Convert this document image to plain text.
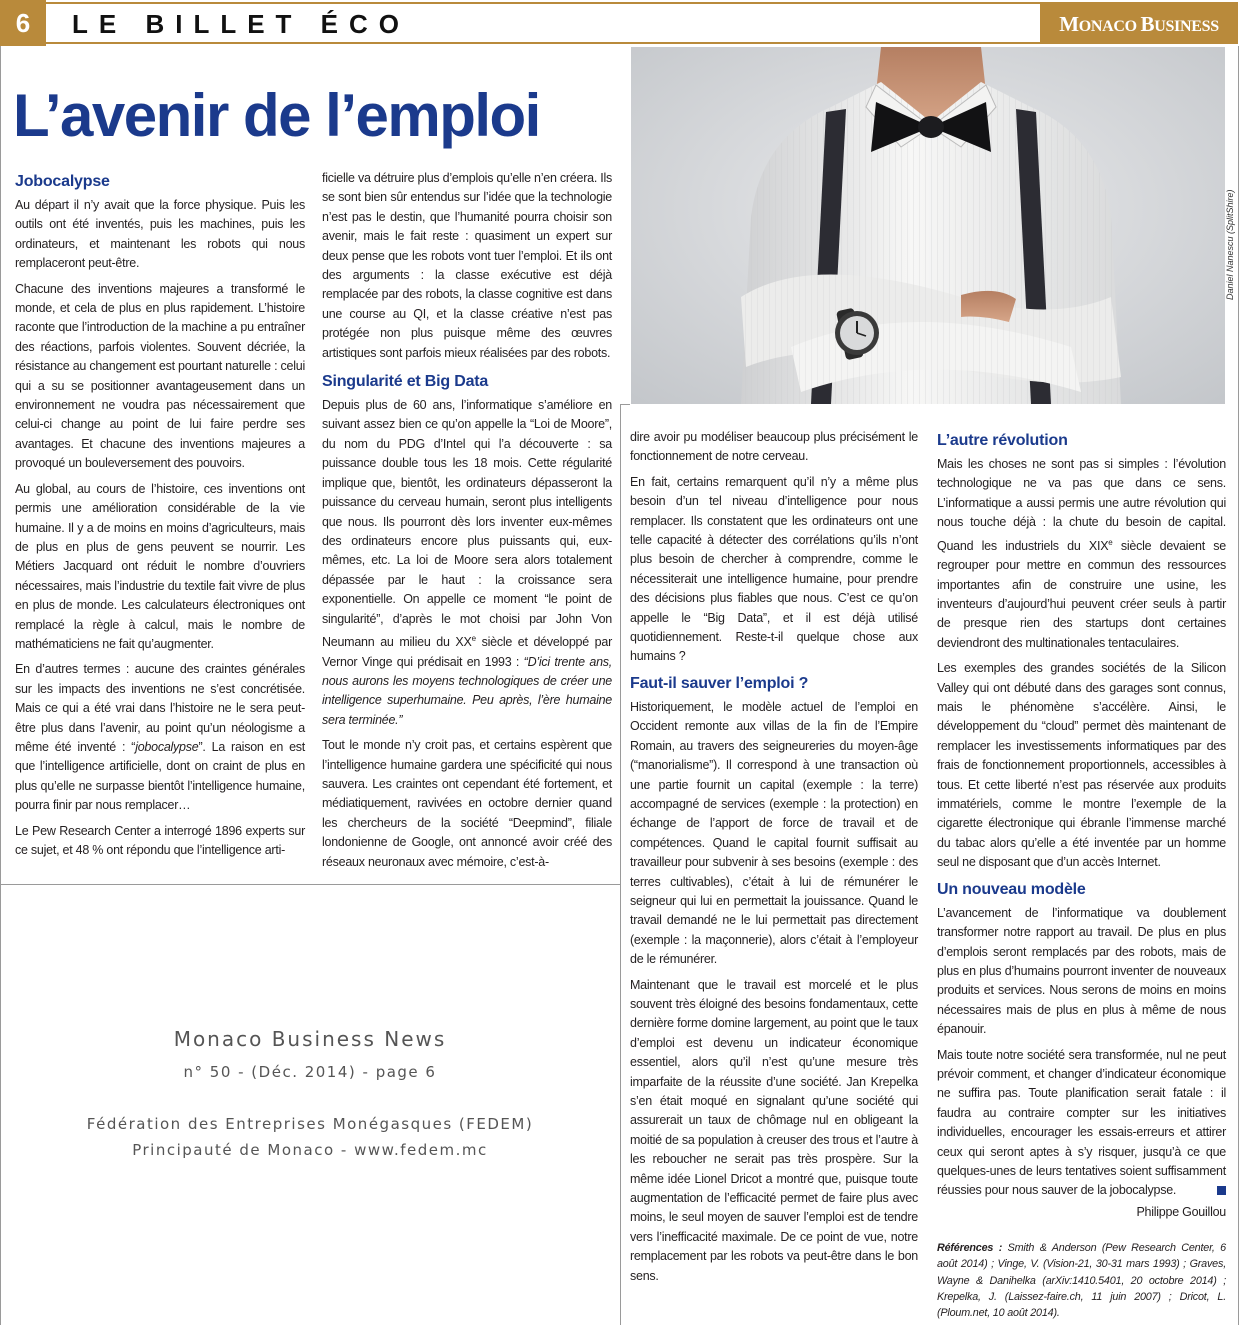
6	LE BILLET ÉCO	MONACO BUSINESS
L’avenir de l’emploi
Daniel Nanescu (SplitShire)
Jobocalypse

Au départ il n’y avait que la force physique. Puis les outils ont été inventés, puis les machines, puis les ordinateurs, et maintenant les robots qui nous remplaceront peut-être.

Chacune des inventions majeures a transformé le monde, et cela de plus en plus rapidement. L’histoire raconte que l’introduction de la machine a pu entraîner des réactions, parfois violentes. Souvent décriée, la résistance au changement est pourtant naturelle : celui qui a su se positionner avantageusement dans un environnement ne voudra pas nécessairement que celui-ci change au point de lui faire perdre ses avantages. Et chacune des inventions majeures a provoqué un bouleversement des pouvoirs.

Au global, au cours de l’histoire, ces inventions ont permis une amélioration considérable de la vie humaine. Il y a de moins en moins d’agriculteurs, mais de plus en plus de gens peuvent se nourrir. Les Métiers Jacquard ont réduit le nombre d’ouvriers nécessaires, mais l’industrie du textile fait vivre de plus en plus de monde. Les calculateurs électroniques ont remplacé la règle à calcul, mais le nombre de mathématiciens ne fait qu’augmenter.

En d’autres termes : aucune des craintes générales sur les impacts des inventions ne s’est concrétisée. Mais ce qui a été vrai dans l’histoire ne le sera peut-être plus dans l’avenir, au point qu’un néologisme a même été inventé : “jobocalypse”. La raison en est que l’intelligence artificielle, dont on craint de plus en plus qu’elle ne surpasse bientôt l’intelligence humaine, pourra finir par nous remplacer…

Le Pew Research Center a interrogé 1896 experts sur ce sujet, et 48 % ont répondu que l’intelligence arti-

ficielle va détruire plus d’emplois qu’elle n’en créera. Ils se sont bien sûr entendus sur l’idée que la technologie n’est pas le destin, que l’humanité pourra choisir son avenir, mais le fait reste : quasiment un expert sur deux pense que les robots vont tuer l’emploi. Et ils ont des arguments : la classe exécutive est déjà remplacée par des robots, la classe cognitive est dans une course au QI, et la classe créative n’est pas protégée non plus puisque même des œuvres artistiques sont parfois mieux réalisées par des robots.

Singularité et Big Data

Depuis plus de 60 ans, l’informatique s’améliore en suivant assez bien ce qu’on appelle la “Loi de Moore”, du nom du PDG d’Intel qui l’a découverte : sa puissance double tous les 18 mois. Cette régularité implique que, bientôt, les ordinateurs dépasseront la puissance du cerveau humain, seront plus intelligents que nous. Ils pourront dès lors inventer eux-mêmes des ordinateurs encore plus puissants qui, eux-mêmes, etc. La loi de Moore sera alors totalement dépassée par le haut : la croissance sera exponentielle. On appelle ce moment “le point de singularité”, d’après le mot choisi par John Von Neumann au milieu du XXe siècle et développé par Vernor Vinge qui prédisait en 1993 : “D’ici trente ans, nous aurons les moyens technologiques de créer une intelligence superhumaine. Peu après, l’ère humaine sera terminée.”

Tout le monde n’y croit pas, et certains espèrent que l’intelligence humaine gardera une spécificité qui nous sauvera. Les craintes ont cependant été fortement, et médiatiquement, ravivées en octobre dernier quand les chercheurs de la société “Deepmind”, filiale londonienne de Google, ont annoncé avoir créé des réseaux neuronaux avec mémoire, c’est-à-

dire avoir pu modéliser beaucoup plus précisément le fonctionnement de notre cerveau.

En fait, certains remarquent qu’il n’y a même plus besoin d’un tel niveau d’intelligence pour nous remplacer. Ils constatent que les ordinateurs ont une telle capacité à détecter des corrélations qu’ils n’ont plus besoin de chercher à comprendre, comme le nécessiterait une intelligence humaine, pour prendre des décisions plus fiables que nous. C’est ce qu’on appelle le “Big Data”, et il est déjà utilisé quotidiennement. Reste-t-il quelque chose aux humains ?

Faut-il sauver l’emploi ?

Historiquement, le modèle actuel de l’emploi en Occident remonte aux villas de la fin de l’Empire Romain, au travers des seigneureries du moyen-âge (“manorialisme”). Il correspond à une transaction où une partie fournit un capital (exemple : la terre) accompagné de services (exemple : la protection) en échange de l’apport de force de travail et de compétences. Quand le capital fournit suffisait au travailleur pour subvenir à ses besoins (exemple : des terres cultivables), c’était à lui de rémunérer le seigneur qui lui en permettait la jouissance. Quand le travail demandé ne le lui permettait pas directement (exemple : la maçonnerie), alors c’était à l’employeur de le rémunérer.

Maintenant que le travail est morcelé et le plus souvent très éloigné des besoins fondamentaux, cette dernière forme domine largement, au point que le taux d’emploi est devenu un indicateur économique essentiel, alors qu’il n’est qu’une mesure très imparfaite de la réussite d’une société. Jan Krepelka s’en était moqué en signalant qu’une société qui assurerait un taux de chômage nul en obligeant la moitié de sa population à creuser des trous et l’autre à les reboucher ne serait pas très prospère. Sur la même idée Lionel Dricot a montré que, puisque toute augmentation de l’efficacité permet de faire plus avec moins, le seul moyen de sauver l’emploi est de tendre vers l’inefficacité maximale. De ce point de vue, notre remplacement par les robots va peut-être dans le bon sens.

L’autre révolution

Mais les choses ne sont pas si simples : l’évolution technologique ne va pas que dans ce sens. L’informatique a aussi permis une autre révolution qui nous touche déjà : la chute du besoin de capital. Quand les industriels du XIXe siècle devaient se regrouper pour mettre en commun des ressources importantes afin de construire une usine, les inventeurs d’aujourd’hui peuvent créer seuls à partir de presque rien des startups dont certaines deviendront des multinationales tentaculaires.

Les exemples des grandes sociétés de la Silicon Valley qui ont débuté dans des garages sont connus, mais le phénomène s’accélère. Ainsi, le développement du “cloud” permet dès maintenant de remplacer les investissements informatiques par des frais de fonctionnement proportionnels, accessibles à tous. Et cette liberté n’est pas réservée aux produits immatériels, comme le montre l’exemple de la cigarette électronique qui ébranle l’immense marché du tabac alors qu’elle a été inventée par un homme seul ne disposant que d’un accès Internet.

Un nouveau modèle

L’avancement de l’informatique va doublement transformer notre rapport au travail. De plus en plus d’emplois seront remplacés par des robots, mais de plus en plus d’humains pourront inventer de nouveaux produits et services. Nous serons de moins en moins nécessaires mais de plus en plus à même de nous épanouir.

Mais toute notre société sera transformée, nul ne peut prévoir comment, et changer d’indicateur économique ne suffira pas. Toute planification serait fatale : il faudra au contraire compter sur les initiatives individuelles, encourager les essais-erreurs et attirer ceux qui seront aptes à s’y risquer, jusqu’à ce que quelques-unes de leurs tentatives soient suffisamment réussies pour nous sauver de la jobocalypse.

Philippe Gouillou
Références : Smith & Anderson (Pew Research Center, 6 août 2014) ; Vinge, V. (Vision-21, 30-31 mars 1993) ; Graves, Wayne & Danihelka (arXiv:1410.5401, 20 octobre 2014) ; Krepelka, J. (Laissez-faire.ch, 11 juin 2007) ; Dricot, L. (Ploum.net, 10 août 2014).
Monaco Business News
n° 50 - (Déc. 2014) - page 6
Fédération des Entreprises Monégasques (FEDEM)
Principauté de Monaco - www.fedem.mc
